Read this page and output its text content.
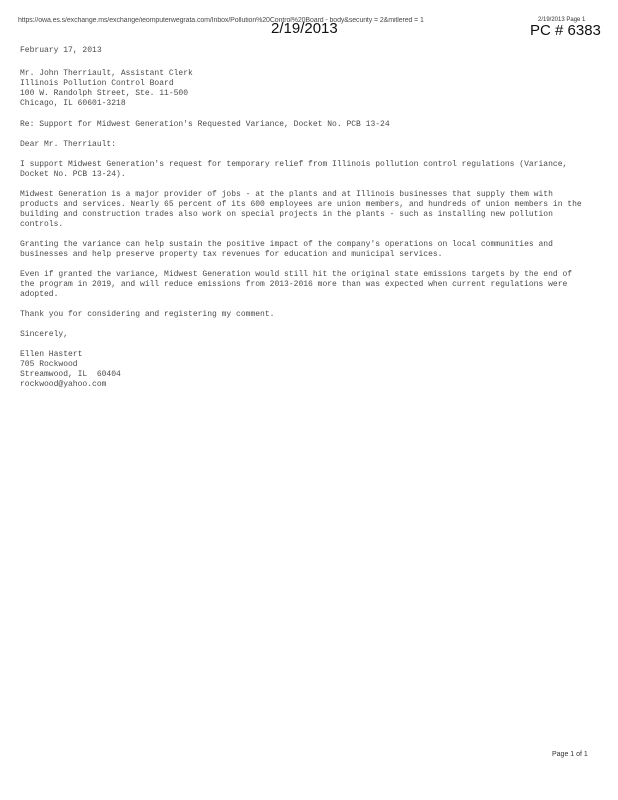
https://owa.es.s/exchange.ms/exchange/ieomputerwegrata.com/Inbox/Pollution%20Control%20Board - body&security = 2&mitlered = 1
2/19/2013	2/19/2013 Page 1
PC # 6383

February 17, 2013

Mr. John Therriault, Assistant Clerk

Illinois Pollution Control Board

100 W. Randolph Street, Ste. 11-500

Chicago, IL 60601-3218

Re: Support for Midwest Generation's Requested Variance, Docket No. PCB 13-24

Dear Mr. Therriault:

I support Midwest Generation's request for temporary relief from Illinois pollution control regulations (Variance, Docket No. PCB 13-24).

Midwest Generation is a major provider of jobs - at the plants and at Illinois businesses that supply them with products and services. Nearly 65 percent of its 600 employees are union members, and hundreds of union members in the building and construction trades also work on special projects in the plants - such as installing new pollution controls.

Granting the variance can help sustain the positive impact of the company's operations on local communities and businesses and help preserve property tax revenues for education and municipal services.

Even if granted the variance, Midwest Generation would still hit the original state emissions targets by the end of the program in 2019, and will reduce emissions from 2013-2016 more than was expected when current regulations were adopted.

Thank you for considering and registering my comment.

Sincerely,

Ellen Hastert

705 Rockwood

Streamwood, IL  60404

rockwood@yahoo.com

Page 1 of 1
